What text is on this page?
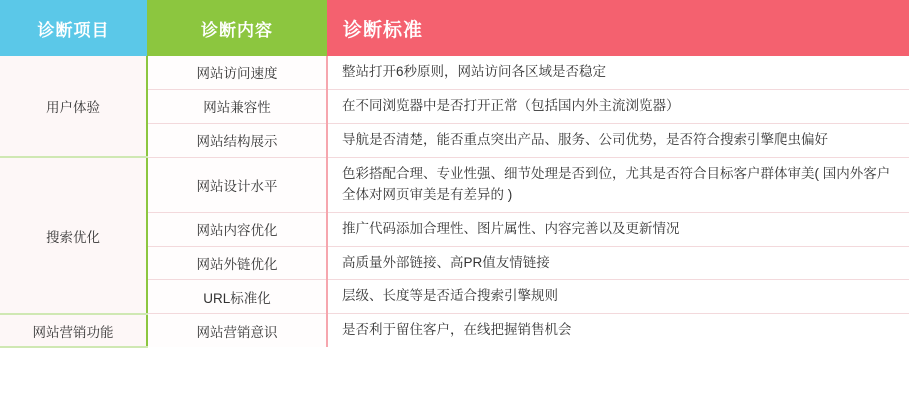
诊断项目	诊断内容	诊断标准
用户体验	网站访问速度	整站打开6秒原则，网站访问各区域是否稳定
	网站兼容性	在不同浏览器中是否打开正常（包括国内外主流浏览器）
	网站结构展示	导航是否清楚，能否重点突出产品、服务、公司优势，是否符合搜索引擎爬虫偏好
搜索优化	网站设计水平	色彩搭配合理、专业性强、细节处理是否到位，尤其是否符合目标客户群体审美( 国内外客户全体对网页审美是有差异的 )
	网站内容优化	推广代码添加合理性、图片属性、内容完善以及更新情况
	网站外链优化	高质量外部链接、高PR值友情链接
	URL标准化	层级、长度等是否适合搜索引擎规则
网站营销功能	网站营销意识	是否利于留住客户，在线把握销售机会
